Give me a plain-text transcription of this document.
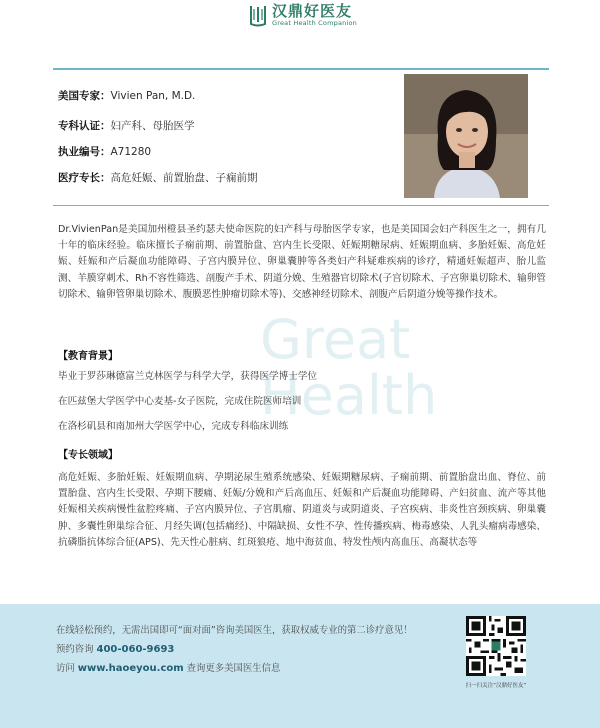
汉鼎好医友
Great Health Companion
Great
Health
美国专家：Vivien Pan, M.D.
专科认证：妇产科、母胎医学
执业编号：A71280
医疗专长：高危妊娠、前置胎盘、子痫前期
Dr.VivienPan是美国加州橙县圣约瑟夫使命医院的妇产科与母胎医学专家，也是美国国会妇产科医生之一，拥有几十年的临床经验。临床擅长子痫前期、前置胎盘、宫内生长受限、妊娠期糖尿病、妊娠期血病、多胎妊娠、高危妊娠、妊娠和产后凝血功能障碍、子宫内膜异位、卵巢囊肿等各类妇产科疑难疾病的诊疗，精通妊娠超声、胎儿监测、羊膜穿刺术、Rh不容性筛选、剖腹产手术、阴道分娩、生殖器官切除术(子宫切除术、子宫卵巢切除术、输卵管切除术、输卵管卵巢切除术、腹膜恶性肿瘤切除术等)、交感神经切除术、剖腹产后阴道分娩等操作技术。
【教育背景】
毕业于罗莎琳德富兰克林医学与科学大学，获得医学博士学位
在匹兹堡大学医学中心麦基-女子医院，完成住院医师培训
在洛杉矶县和南加州大学医学中心，完成专科临床训练
【专长领域】
高危妊娠、多胎妊娠、妊娠期血病、孕期泌尿生殖系统感染、妊娠期糖尿病、子痫前期、前置胎盘出血、脊位、前置胎盘、宫内生长受限、孕期下腰痛、妊娠/分娩和产后高血压、妊娠和产后凝血功能障碍、产妇贫血、流产等其他妊娠相关疾病慢性盆腔疼痛、子宫内膜异位、子宫肌瘤、阴道炎与或阴道炎、子宫疾病、非炎性宫颈疾病、卵巢囊肿、多囊性卵巢综合征、月经失调(包括痛经)、中隔缺损、女性不孕、性传播疾病、梅毒感染、人乳头瘤病毒感染、抗磷脂抗体综合征(APS)、先天性心脏病、红斑狼疮、地中海贫血、特发性颅内高血压、高凝状态等
在线轻松预约，无需出国即可“面对面”咨询美国医生，获取权威专业的第二诊疗意见！
预约咨询 400-060-9693
访问 www.haoeyou.com 查询更多美国医生信息
扫一扫关注“汉鼎好医友”
